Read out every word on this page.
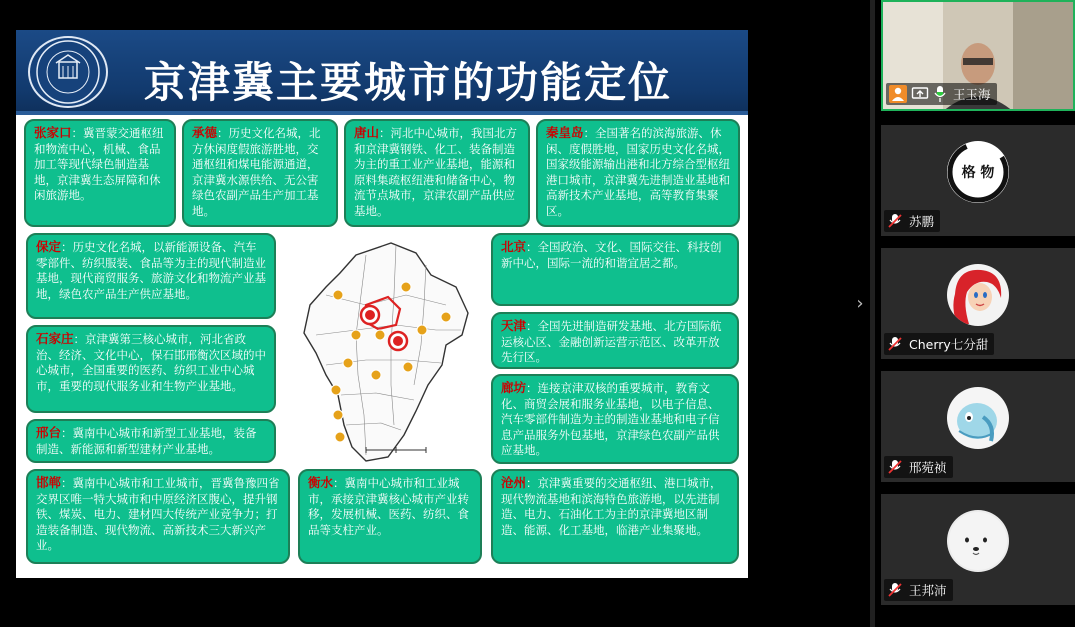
京津冀主要城市的功能定位
张家口：冀晋蒙交通枢纽和物流中心，机械、食品加工等现代绿色制造基地，京津冀生态屏障和休闲旅游地。
承德：历史文化名城，北方休闲度假旅游胜地，交通枢纽和煤电能源通道，京津冀水源供给、无公害绿色农副产品生产加工基地。
唐山：河北中心城市，我国北方和京津冀钢铁、化工、装备制造为主的重工业产业基地，能源和原料集疏枢纽港和储备中心，物流节点城市，京津农副产品供应基地。
秦皇岛：全国著名的滨海旅游、休闲、度假胜地，国家历史文化名城，国家级能源输出港和北方综合型枢纽港口城市，京津冀先进制造业基地和高新技术产业基地，高等教育集聚区。
保定：历史文化名城，以新能源设备、汽车零部件、纺织服装、食品等为主的现代制造业基地，现代商贸服务、旅游文化和物流产业基地，绿色农产品生产供应基地。
北京：全国政治、文化、国际交往、科技创新中心，国际一流的和谐宜居之都。
石家庄：京津冀第三核心城市，河北省政治、经济、文化中心，保石邯邢衡次区域的中心城市，全国重要的医药、纺织工业中心城市，重要的现代服务业和生物产业基地。
天津：全国先进制造研发基地、北方国际航运核心区、金融创新运营示范区、改革开放先行区。
廊坊：连接京津双核的重要城市，教育文化、商贸会展和服务业基地，以电子信息、汽车零部件制造为主的制造业基地和电子信息产品服务外包基地，京津绿色农副产品供应基地。
邢台：冀南中心城市和新型工业基地，装备制造、新能源和新型建材产业基地。
邯郸：冀南中心城市和工业城市，晋冀鲁豫四省交界区唯一特大城市和中原经济区腹心，提升钢铁、煤炭、电力、建材四大传统产业竞争力；打造装备制造、现代物流、高新技术三大新兴产业。
衡水：冀南中心城市和工业城市，承接京津冀核心城市产业转移，发展机械、医药、纺织、食品等支柱产业。
沧州：京津冀重要的交通枢纽、港口城市，现代物流基地和滨海特色旅游地，以先进制造、电力、石油化工为主的京津冀地区制造、能源、化工基地，临港产业集聚地。
›
王玉海
格 物
苏鹏
Cherry七分甜
邢菀祯
王邦沛
